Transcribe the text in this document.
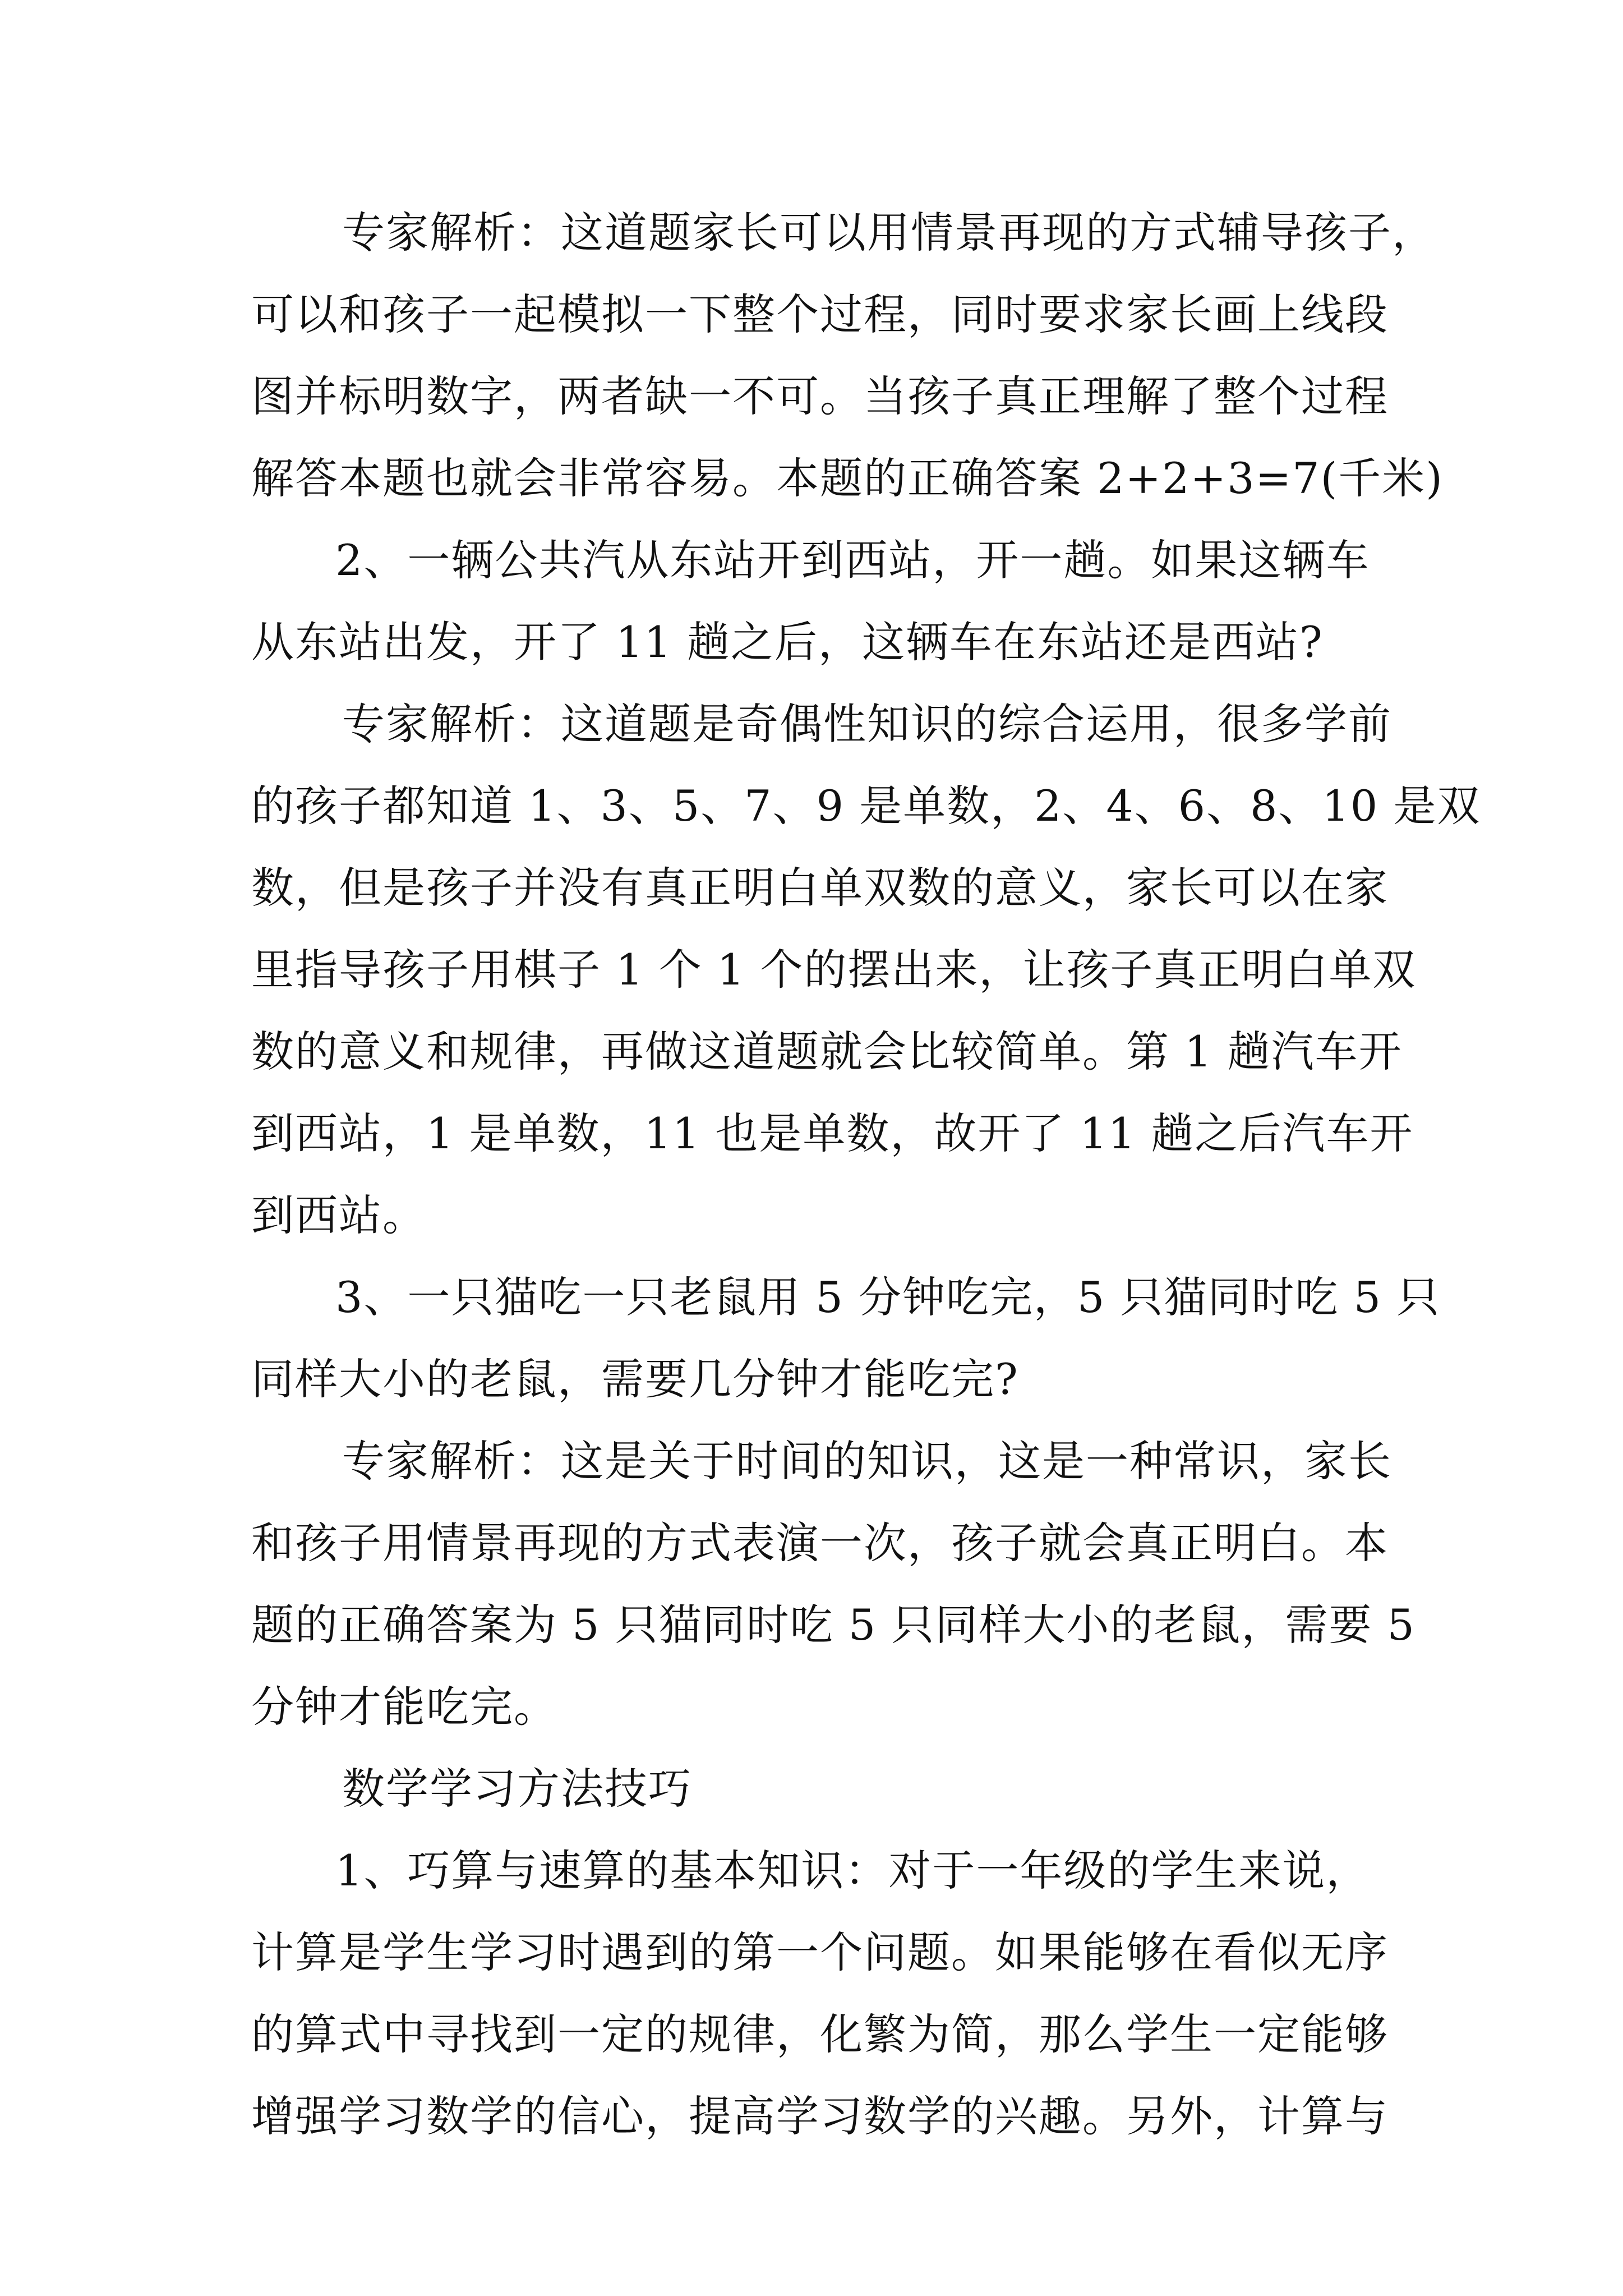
专家解析：这道题家长可以用情景再现的方式辅导孩子，
可以和孩子一起模拟一下整个过程，同时要求家长画上线段
图并标明数字，两者缺一不可。当孩子真正理解了整个过程
解答本题也就会非常容易。本题的正确答案 2+2+3=7(千米)
2、一辆公共汽从东站开到西站，开一趟。如果这辆车
从东站出发，开了 11 趟之后，这辆车在东站还是西站?
专家解析：这道题是奇偶性知识的综合运用，很多学前
的孩子都知道 1、3、5、7、9 是单数，2、4、6、8、10 是双
数，但是孩子并没有真正明白单双数的意义，家长可以在家
里指导孩子用棋子 1 个 1 个的摆出来，让孩子真正明白单双
数的意义和规律，再做这道题就会比较简单。第 1 趟汽车开
到西站，1 是单数，11 也是单数，故开了 11 趟之后汽车开
到西站。
3、一只猫吃一只老鼠用 5 分钟吃完，5 只猫同时吃 5 只
同样大小的老鼠，需要几分钟才能吃完?
专家解析：这是关于时间的知识，这是一种常识，家长
和孩子用情景再现的方式表演一次，孩子就会真正明白。本
题的正确答案为 5 只猫同时吃 5 只同样大小的老鼠，需要 5
分钟才能吃完。
数学学习方法技巧
1、巧算与速算的基本知识：对于一年级的学生来说，
计算是学生学习时遇到的第一个问题。如果能够在看似无序
的算式中寻找到一定的规律，化繁为简，那么学生一定能够
增强学习数学的信心，提高学习数学的兴趣。另外，计算与
